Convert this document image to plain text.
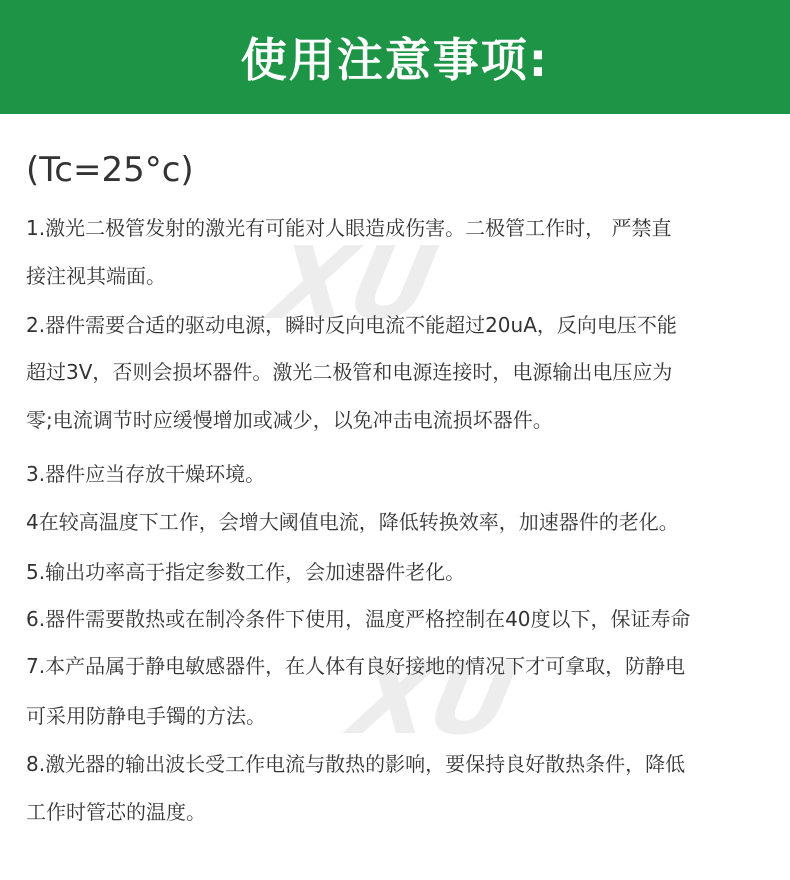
使用注意事项:
(Tc=25°c)
1.激光二极管发射的激光有可能对人眼造成伤害。二极管工作时， 严禁直
接注视其端面。
2.器件需要合适的驱动电源，瞬时反向电流不能超过20uA，反向电压不能
超过3V，否则会损坏器件。激光二极管和电源连接时，电源输出电压应为
零;电流调节时应缓慢增加或减少，以免冲击电流损坏器件。
3.器件应当存放干燥环境。
4在较高温度下工作，会增大阈值电流，降低转换效率，加速器件的老化。
5.输出功率高于指定参数工作，会加速器件老化。
6.器件需要散热或在制冷条件下使用，温度严格控制在40度以下，保证寿命
7.本产品属于静电敏感器件，在人体有良好接地的情况下才可拿取，防静电
可采用防静电手镯的方法。
8.激光器的输出波长受工作电流与散热的影响，要保持良好散热条件，降低
工作时管芯的温度。
XU
XU
